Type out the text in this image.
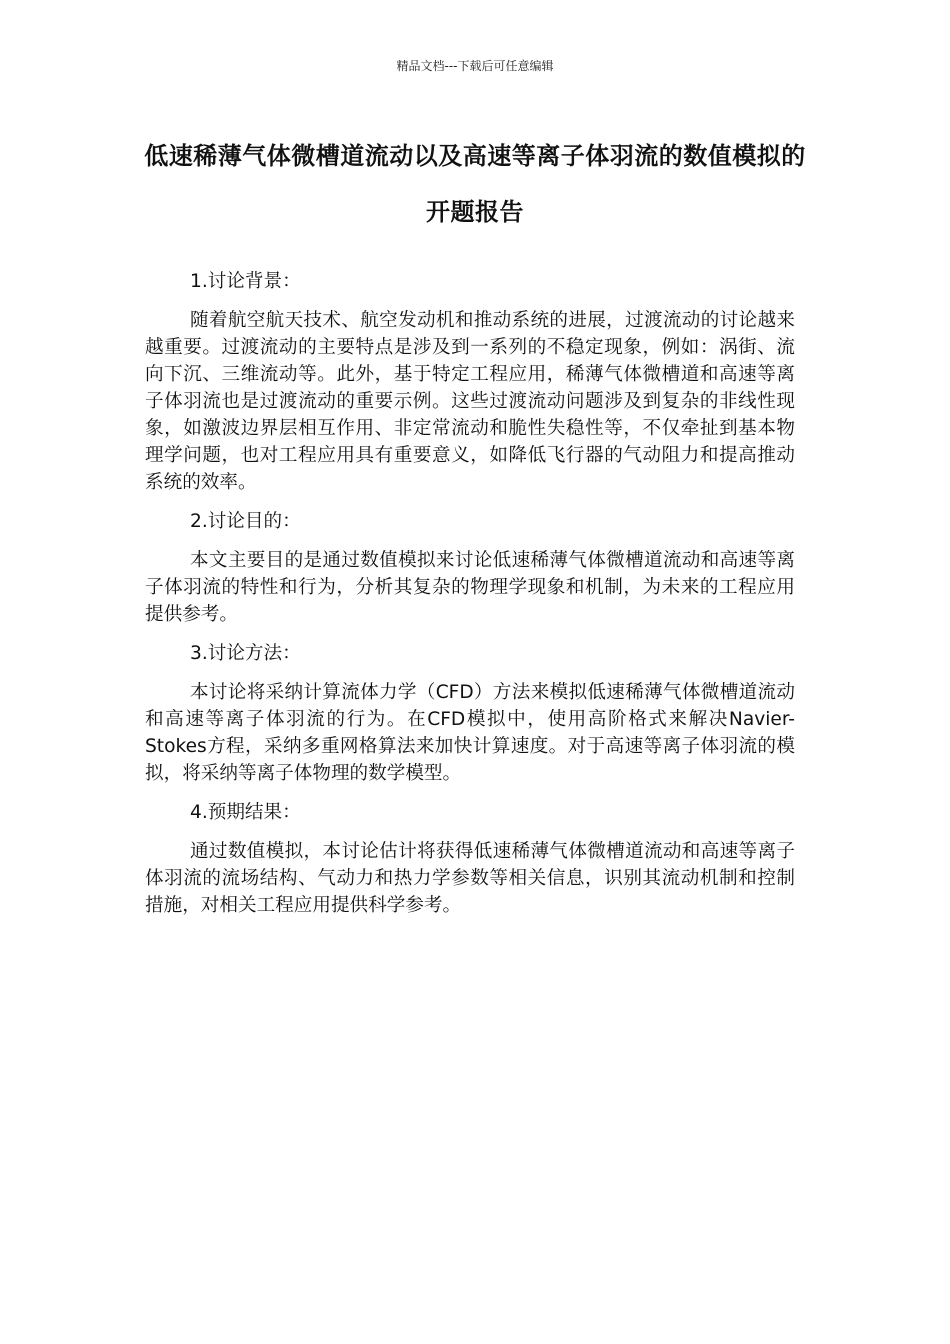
精品文档---下载后可任意编辑
低速稀薄气体微槽道流动以及高速等离子体羽流的数值模拟的开题报告

1.讨论背景：

随着航空航天技术、航空发动机和推动系统的进展，过渡流动的讨论越来越重要。过渡流动的主要特点是涉及到一系列的不稳定现象，例如：涡街、流向下沉、三维流动等。此外，基于特定工程应用，稀薄气体微槽道和高速等离子体羽流也是过渡流动的重要示例。这些过渡流动问题涉及到复杂的非线性现象，如激波边界层相互作用、非定常流动和脆性失稳性等，不仅牵扯到基本物理学问题，也对工程应用具有重要意义，如降低飞行器的气动阻力和提高推动系统的效率。

2.讨论目的：

本文主要目的是通过数值模拟来讨论低速稀薄气体微槽道流动和高速等离子体羽流的特性和行为，分析其复杂的物理学现象和机制，为未来的工程应用提供参考。

3.讨论方法：

本讨论将采纳计算流体力学（CFD）方法来模拟低速稀薄气体微槽道流动和高速等离子体羽流的行为。在CFD模拟中，使用高阶格式来解决Navier-Stokes方程，采纳多重网格算法来加快计算速度。对于高速等离子体羽流的模拟，将采纳等离子体物理的数学模型。

4.预期结果：

通过数值模拟，本讨论估计将获得低速稀薄气体微槽道流动和高速等离子体羽流的流场结构、气动力和热力学参数等相关信息，识别其流动机制和控制措施，对相关工程应用提供科学参考。
